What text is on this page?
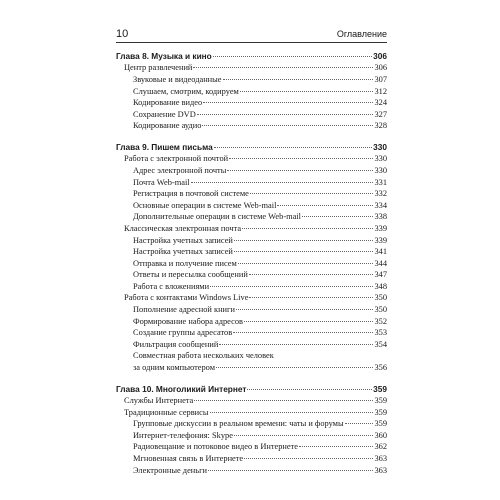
10	Оглавление
Глава 8. Музыка и кино	306
Центр развлечений	306
Звуковые и видеоданные	307
Слушаем, смотрим, кодируем	312
Кодирование видео	324
Сохранение DVD	327
Кодирование аудио	328
Глава 9. Пишем письма	330
Работа с электронной почтой	330
Адрес электронной почты	330
Почта Web-mail	331
Регистрация в почтовой системе	332
Основные операции в системе Web-mail	334
Дополнительные операции в системе Web-mail	338
Классическая электронная почта	339
Настройка учетных записей	339
Настройка учетных записей	341
Отправка и получение писем	344
Ответы и пересылка сообщений	347
Работа с вложениями	348
Работа с контактами Windows Live	350
Пополнение адресной книги	350
Формирование набора адресов	352
Создание группы адресатов	353
Фильтрация сообщений	354
Совместная работа нескольких человек
за одним компьютером	356
Глава 10. Многоликий Интернет	359
Службы Интернета	359
Традиционные сервисы	359
Групповые дискуссии в реальном времени: чаты и форумы	359
Интернет-телефония: Skype	360
Радиовещание и потоковое видео в Интернете	362
Мгновенная связь в Интернете	363
Электронные деньги	363
